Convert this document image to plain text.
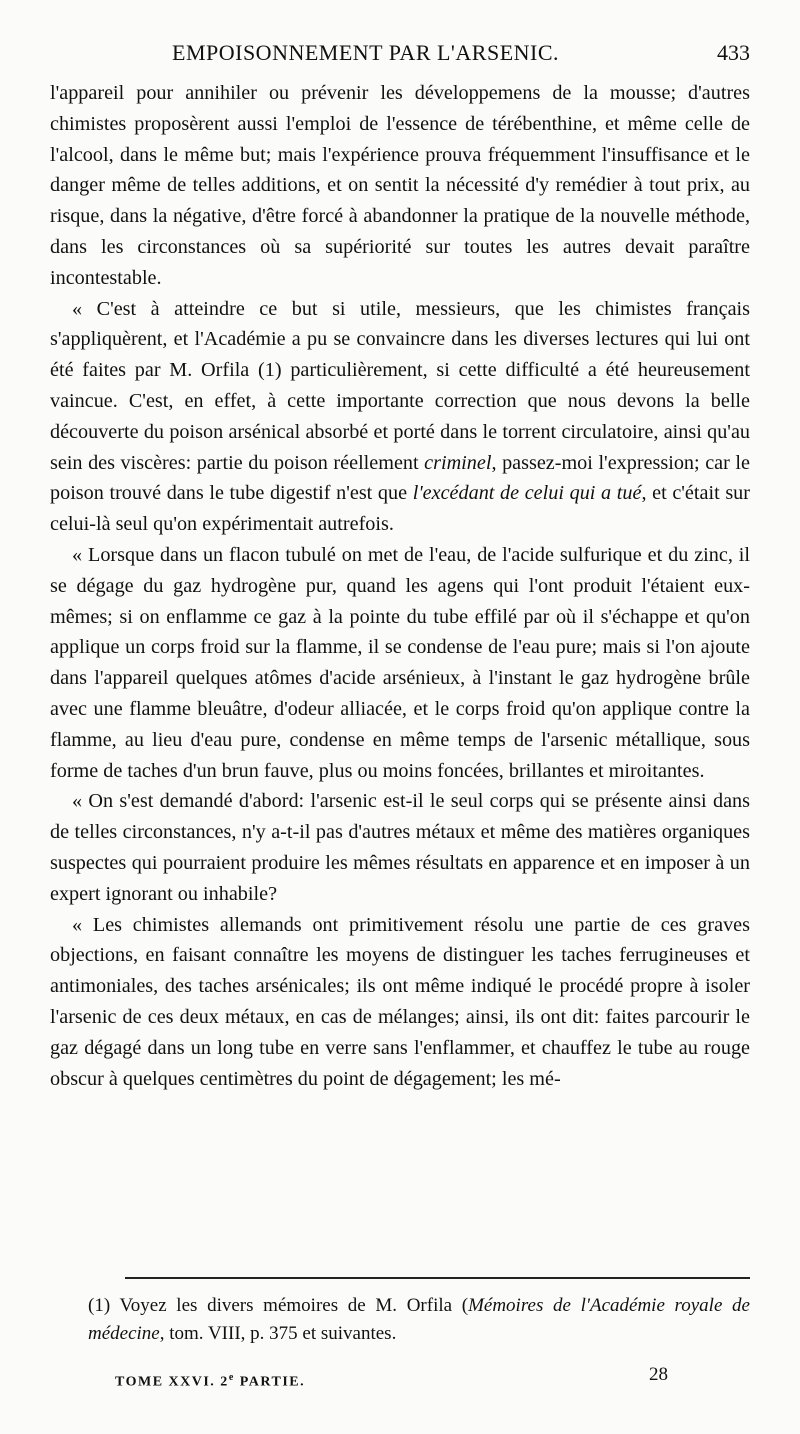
EMPOISONNEMENT PAR L'ARSENIC.	433

l'appareil pour annihiler ou prévenir les développemens de la mousse; d'autres chimistes proposèrent aussi l'emploi de l'essence de térébenthine, et même celle de l'alcool, dans le même but; mais l'expérience prouva fréquemment l'insuffisance et le danger même de telles additions, et on sentit la nécessité d'y remédier à tout prix, au risque, dans la négative, d'être forcé à abandonner la pratique de la nouvelle méthode, dans les circonstances où sa supériorité sur toutes les autres devait paraître incontestable.

« C'est à atteindre ce but si utile, messieurs, que les chimistes français s'appliquèrent, et l'Académie a pu se convaincre dans les diverses lectures qui lui ont été faites par M. Orfila (1) particulièrement, si cette difficulté a été heureusement vaincue. C'est, en effet, à cette importante correction que nous devons la belle découverte du poison arsénical absorbé et porté dans le torrent circulatoire, ainsi qu'au sein des viscères: partie du poison réellement criminel, passez-moi l'expression; car le poison trouvé dans le tube digestif n'est que l'excédant de celui qui a tué, et c'était sur celui-là seul qu'on expérimentait autrefois.

« Lorsque dans un flacon tubulé on met de l'eau, de l'acide sulfurique et du zinc, il se dégage du gaz hydrogène pur, quand les agens qui l'ont produit l'étaient eux-mêmes; si on enflamme ce gaz à la pointe du tube effilé par où il s'échappe et qu'on applique un corps froid sur la flamme, il se condense de l'eau pure; mais si l'on ajoute dans l'appareil quelques atômes d'acide arsénieux, à l'instant le gaz hydrogène brûle avec une flamme bleuâtre, d'odeur alliacée, et le corps froid qu'on applique contre la flamme, au lieu d'eau pure, condense en même temps de l'arsenic métallique, sous forme de taches d'un brun fauve, plus ou moins foncées, brillantes et miroitantes.

« On s'est demandé d'abord: l'arsenic est-il le seul corps qui se présente ainsi dans de telles circonstances, n'y a-t-il pas d'autres métaux et même des matières organiques suspectes qui pourraient produire les mêmes résultats en apparence et en imposer à un expert ignorant ou inhabile?

« Les chimistes allemands ont primitivement résolu une partie de ces graves objections, en faisant connaître les moyens de distinguer les taches ferrugineuses et antimoniales, des taches arsénicales; ils ont même indiqué le procédé propre à isoler l'arsenic de ces deux métaux, en cas de mélanges; ainsi, ils ont dit: faites parcourir le gaz dégagé dans un long tube en verre sans l'enflammer, et chauffez le tube au rouge obscur à quelques centimètres du point de dégagement; les mé-

(1) Voyez les divers mémoires de M. Orfila (Mémoires de l'Académie royale de médecine, tom. VIII, p. 375 et suivantes.
TOME XXVI. 2e PARTIE.	28
